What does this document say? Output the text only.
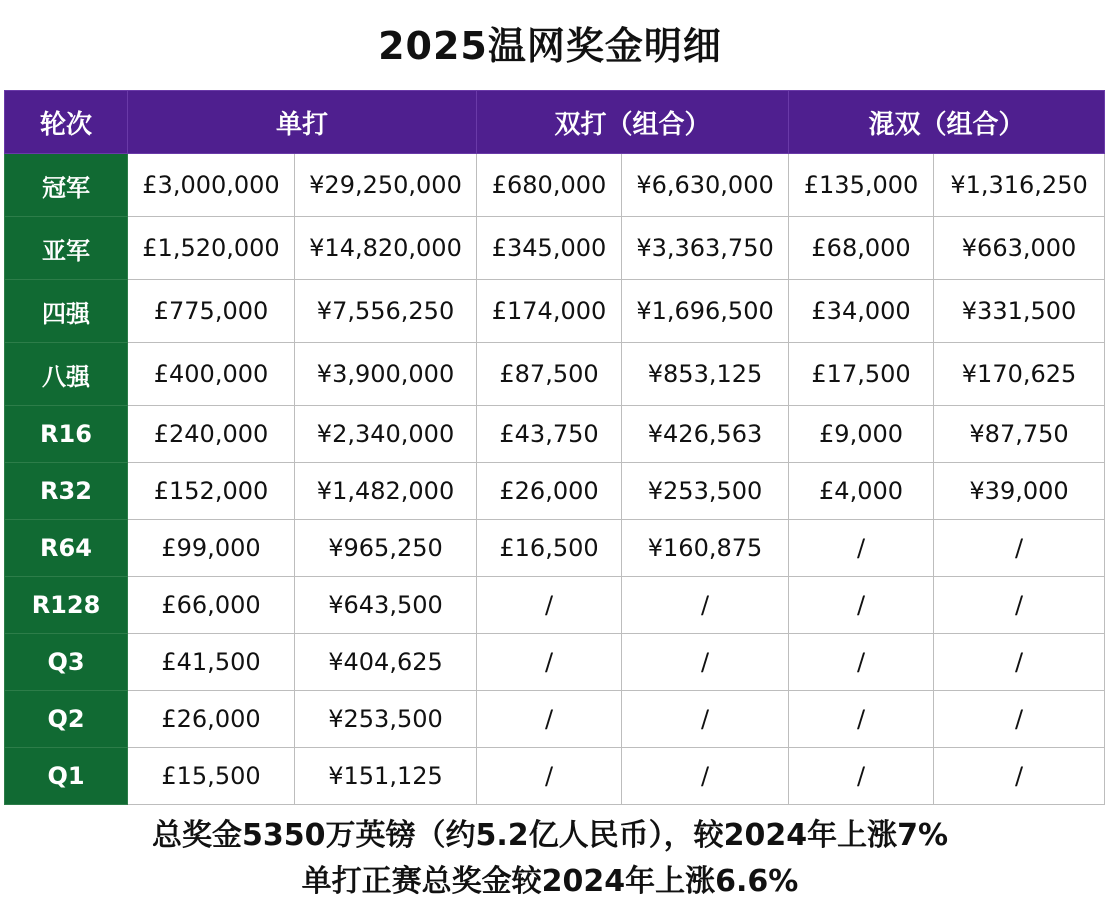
2025温网奖金明细
轮次	单打		双打（组合）		混双（组合）	
冠军	£3,000,000	¥29,250,000	£680,000	¥6,630,000	£135,000	¥1,316,250
亚军	£1,520,000	¥14,820,000	£345,000	¥3,363,750	£68,000	¥663,000
四强	£775,000	¥7,556,250	£174,000	¥1,696,500	£34,000	¥331,500
八强	£400,000	¥3,900,000	£87,500	¥853,125	£17,500	¥170,625
R16	£240,000	¥2,340,000	£43,750	¥426,563	£9,000	¥87,750
R32	£152,000	¥1,482,000	£26,000	¥253,500	£4,000	¥39,000
R64	£99,000	¥965,250	£16,500	¥160,875	/	/
R128	£66,000	¥643,500	/	/	/	/
Q3	£41,500	¥404,625	/	/	/	/
Q2	£26,000	¥253,500	/	/	/	/
Q1	£15,500	¥151,125	/	/	/	/
总奖金5350万英镑（约5.2亿人民币），较2024年上涨7%
单打正赛总奖金较2024年上涨6.6%
